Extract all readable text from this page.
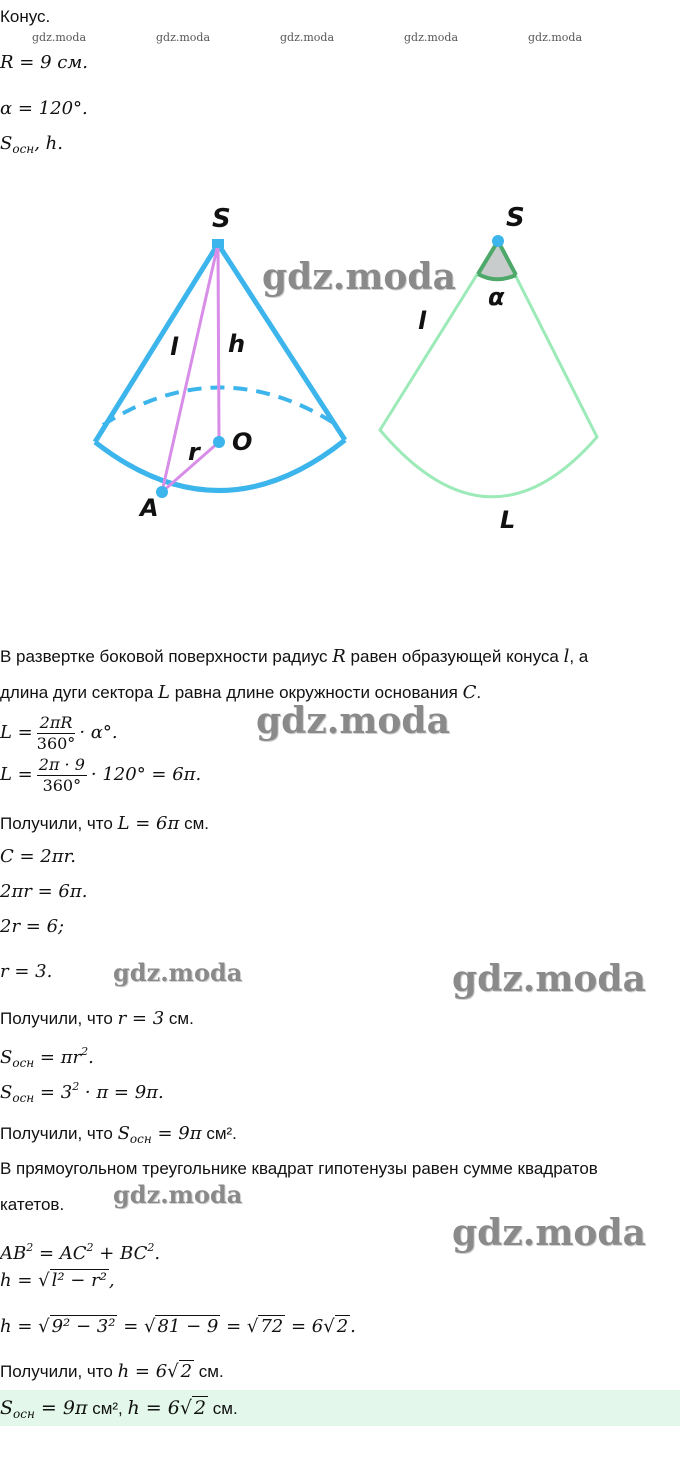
Конус.
gdz.moda	gdz.moda	gdz.moda	gdz.moda	gdz.moda
R = 9 см.
α = 120°.
$S_{осн}$, h.
S
l h
r O
A
S
α
l
L
gdz.moda
gdz.moda
gdz.moda	gdz.moda
gdz.moda
gdz.moda
В развертке боковой поверхности радиус R равен образующей конуса l, а
длина дуги сектора L равна длине окружности основания C.
$L = \frac{2\pi R}{360^\circ} \cdot \alpha^\circ$.
$L = \frac{2\pi \cdot 9}{360^\circ} \cdot 120^\circ = 6\pi$.
Получили, что L = 6π см.
C = 2πr.
2πr = 6π.
2r = 6;
r = 3.
Получили, что r = 3 см.
$S_{осн} = \pi r^2$.
$S_{осн} = 3^2 \cdot \pi = 9\pi$.
Получили, что $S_{осн} = 9\pi$ см².
В прямоугольном треугольнике квадрат гипотенузы равен сумме квадратов
катетов.
$AB^2 = AC^2 + BC^2$.
h = √ l² − r² ,
h = √ 9² − 3² = √ 81 − 9 = √ 72 = 6√ 2 .
Получили, что h = 6√ 2 см.
$S_{осн} = 9\pi$ см², h = 6√ 2 см.
